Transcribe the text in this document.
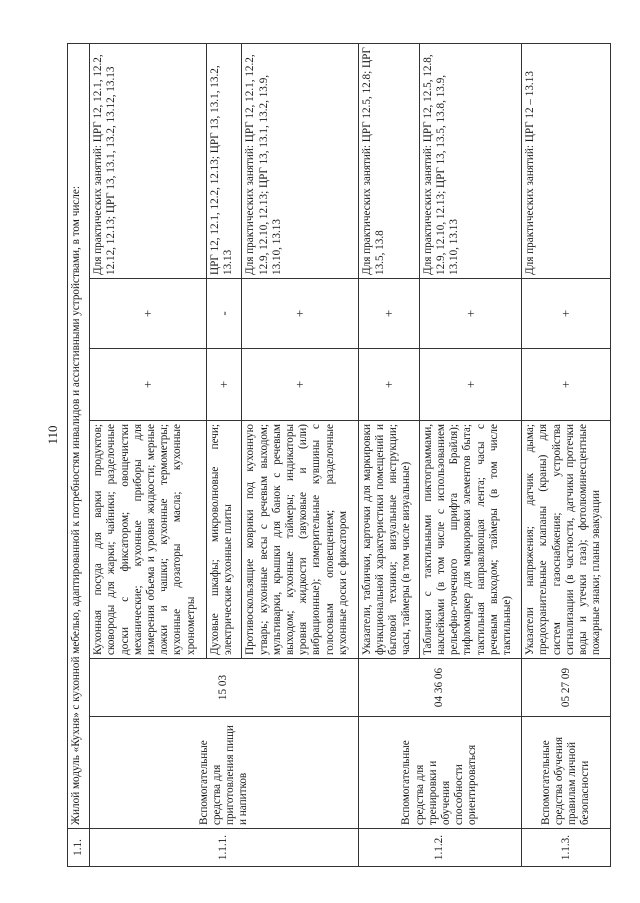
110
1.1.	Жилой модуль «Кухня» с кухонной мебелью, адаптированной к потребностям инвалидов и ассистивными устройствами, в том числе:					
1.1.1.	Вспомогательные средства для приготовления пищи и напитков	15 03	Кухонная посуда для варки продуктов; сковороды для жарки; чайники; разделочные доски с фиксатором; овощечистки механические; кухонные приборы для измерения объема и уровня жидкости; мерные ложки и чашки; кухонные термометры; кухонные дозаторы масла; кухонные хронометры	+	+	Для практических занятий: ЦРГ 12, 12.1, 12.2, 12.12, 12.13; ЦРГ 13, 13.1, 13.2, 13.12, 13.13
			Духовые шкафы; микроволновые печи; электрические кухонные плиты	+	-	ЦРГ 12, 12.1, 12.2, 12.13; ЦРГ 13, 13.1, 13.2, 13.13
			Противоскользящие коврики под кухонную утварь; кухонные весы с речевым выходом; мультиварки, крышки для банок с речевым выходом; кухонные таймеры; индикаторы уровня жидкости (звуковые и (или) вибрационные); измерительные кувшины с голосовым оповещением; разделочные кухонные доски с фиксатором	+	+	Для практических занятий: ЦРГ 12, 12.1, 12.2, 12.9, 12.10, 12.13; ЦРГ 13, 13.1, 13.2, 13.9, 13.10, 13.13
1.1.2.	Вспомогательные средства для тренировки и обучения способности ориентироваться	04 36 06	Указатели, таблички, карточки для маркировки функциональной характеристики помещений и бытовой техники; визуальные инструкции; часы, таймеры (в том числе визуальные)	+	+	Для практических занятий: ЦРГ 12.5, 12.8; ЦРГ 13.5, 13.8
			Таблички с тактильными пиктограммами, наклейками (в том числе с использованием рельефно-точечного шрифта Брайля); тифломаркер для маркировки элементов быта; тактильная направляющая лента; часы с речевым выходом; таймеры (в том числе тактильные)	+	+	Для практических занятий: ЦРГ 12, 12.5, 12.8, 12.9, 12.10, 12.13; ЦРГ 13, 13.5, 13.8, 13.9, 13.10, 13.13
1.1.3.	Вспомогательные средства обучения правилам личной безопасности	05 27 09	Указатели напряжения; датчик дыма; предохранительные клапаны (краны) для систем газоснабжения; устройства сигнализации (в частности, датчики протечки воды и утечки газа); фотолюминесцентные пожарные знаки; планы эвакуации	+	+	Для практических занятий: ЦРГ 12 – 13.13
